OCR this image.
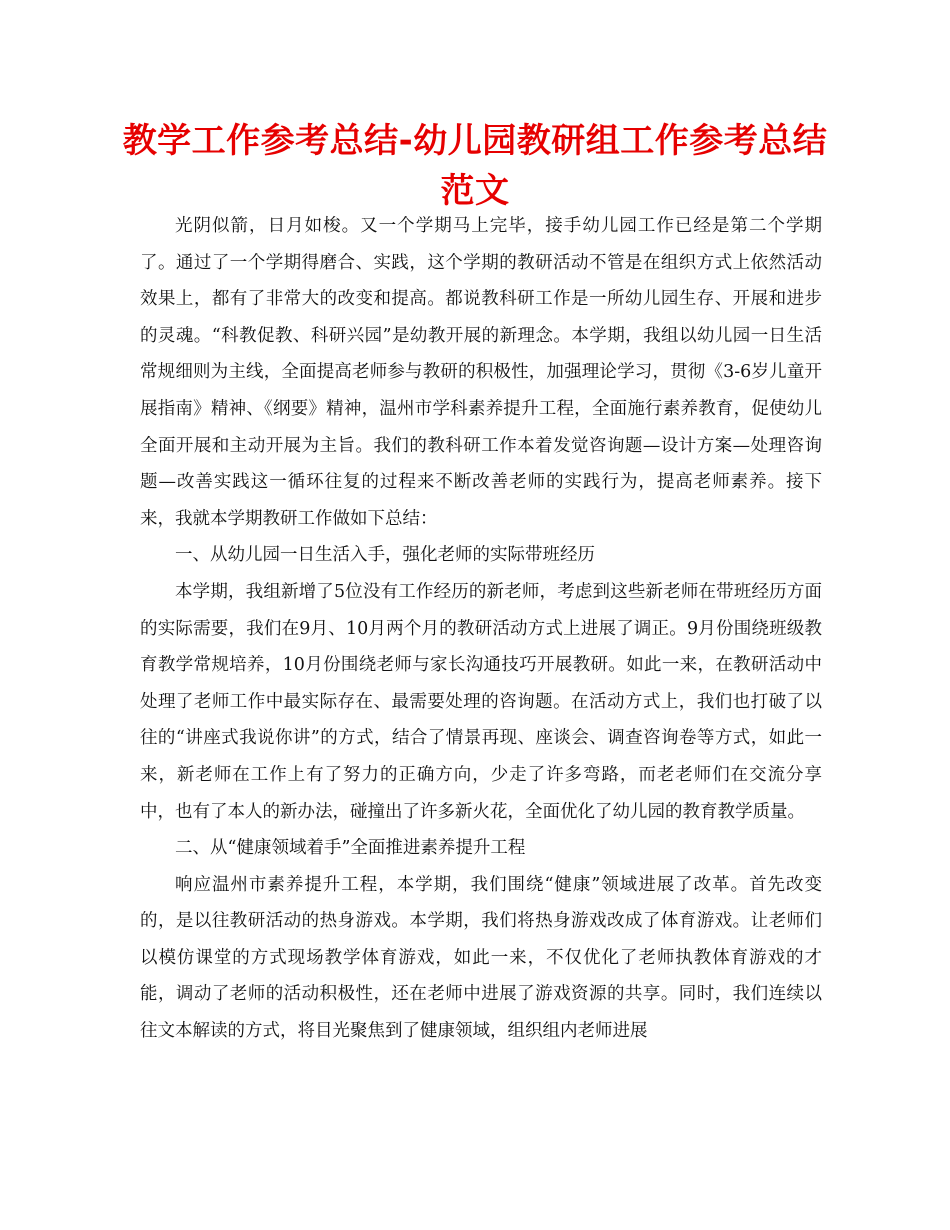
教学工作参考总结-幼儿园教研组工作参考总结范文

光阴似箭，日月如梭。又一个学期马上完毕，接手幼儿园工作已经是第二个学期了。通过了一个学期得磨合、实践，这个学期的教研活动不管是在组织方式上依然活动效果上，都有了非常大的改变和提高。都说教科研工作是一所幼儿园生存、开展和进步的灵魂。“科教促教、科研兴园”是幼教开展的新理念。本学期，我组以幼儿园一日生活常规细则为主线，全面提高老师参与教研的积极性，加强理论学习，贯彻《3-6岁儿童开展指南》精神、《纲要》精神，温州市学科素养提升工程，全面施行素养教育，促使幼儿全面开展和主动开展为主旨。我们的教科研工作本着发觉咨询题—设计方案—处理咨询题—改善实践这一循环往复的过程来不断改善老师的实践行为，提高老师素养。接下来，我就本学期教研工作做如下总结：

一、从幼儿园一日生活入手，强化老师的实际带班经历

本学期，我组新增了5位没有工作经历的新老师，考虑到这些新老师在带班经历方面的实际需要，我们在9月、10月两个月的教研活动方式上进展了调正。9月份围绕班级教育教学常规培养，10月份围绕老师与家长沟通技巧开展教研。如此一来，在教研活动中处理了老师工作中最实际存在、最需要处理的咨询题。在活动方式上，我们也打破了以往的“讲座式我说你讲”的方式，结合了情景再现、座谈会、调查咨询卷等方式，如此一来，新老师在工作上有了努力的正确方向，少走了许多弯路，而老老师们在交流分享中，也有了本人的新办法，碰撞出了许多新火花，全面优化了幼儿园的教育教学质量。

二、从“健康领域着手”全面推进素养提升工程

响应温州市素养提升工程，本学期，我们围绕“健康”领域进展了改革。首先改变的，是以往教研活动的热身游戏。本学期，我们将热身游戏改成了体育游戏。让老师们以模仿课堂的方式现场教学体育游戏，如此一来，不仅优化了老师执教体育游戏的才能，调动了老师的活动积极性，还在老师中进展了游戏资源的共享。同时，我们连续以往文本解读的方式，将目光聚焦到了健康领域，组织组内老师进展
